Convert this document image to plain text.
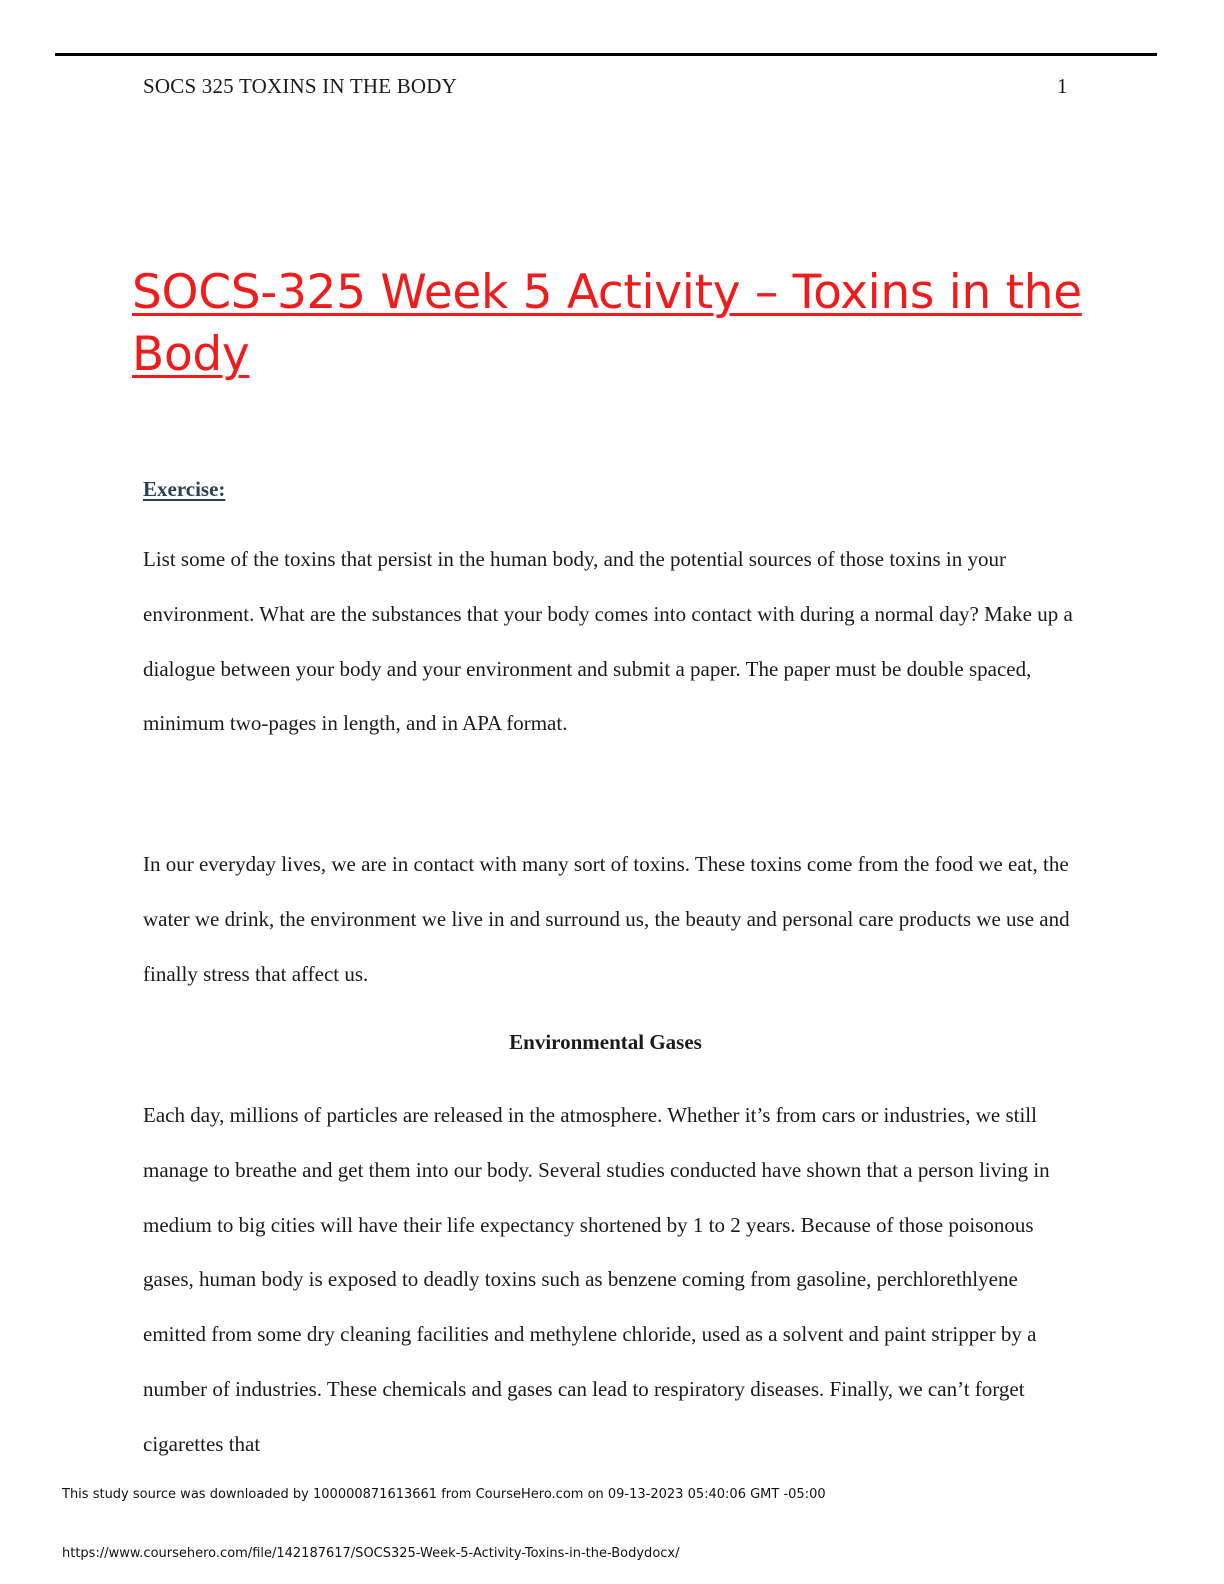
SOCS 325 TOXINS IN THE BODY	1
SOCS-325 Week 5 Activity – Toxins in the Body
Exercise:

List some of the toxins that persist in the human body, and the potential sources of those toxins in your environment. What are the substances that your body comes into contact with during a normal day? Make up a dialogue between your body and your environment and submit a paper. The paper must be double spaced, minimum two-pages in length, and in APA format.

In our everyday lives, we are in contact with many sort of toxins. These toxins come from the food we eat, the water we drink, the environment we live in and surround us, the beauty and personal care products we use and finally stress that affect us.

Environmental Gases

Each day, millions of particles are released in the atmosphere. Whether it’s from cars or industries, we still manage to breathe and get them into our body. Several studies conducted have shown that a person living in medium to big cities will have their life expectancy shortened by 1 to 2 years. Because of those poisonous gases, human body is exposed to deadly toxins such as benzene coming from gasoline, perchlorethlyene emitted from some dry cleaning facilities and methylene chloride, used as a solvent and paint stripper by a number of industries. These chemicals and gases can lead to respiratory diseases. Finally, we can’t forget cigarettes that

This study source was downloaded by 100000871613661 from CourseHero.com on 09-13-2023 05:40:06 GMT -05:00
https://www.coursehero.com/file/142187617/SOCS325-Week-5-Activity-Toxins-in-the-Bodydocx/
